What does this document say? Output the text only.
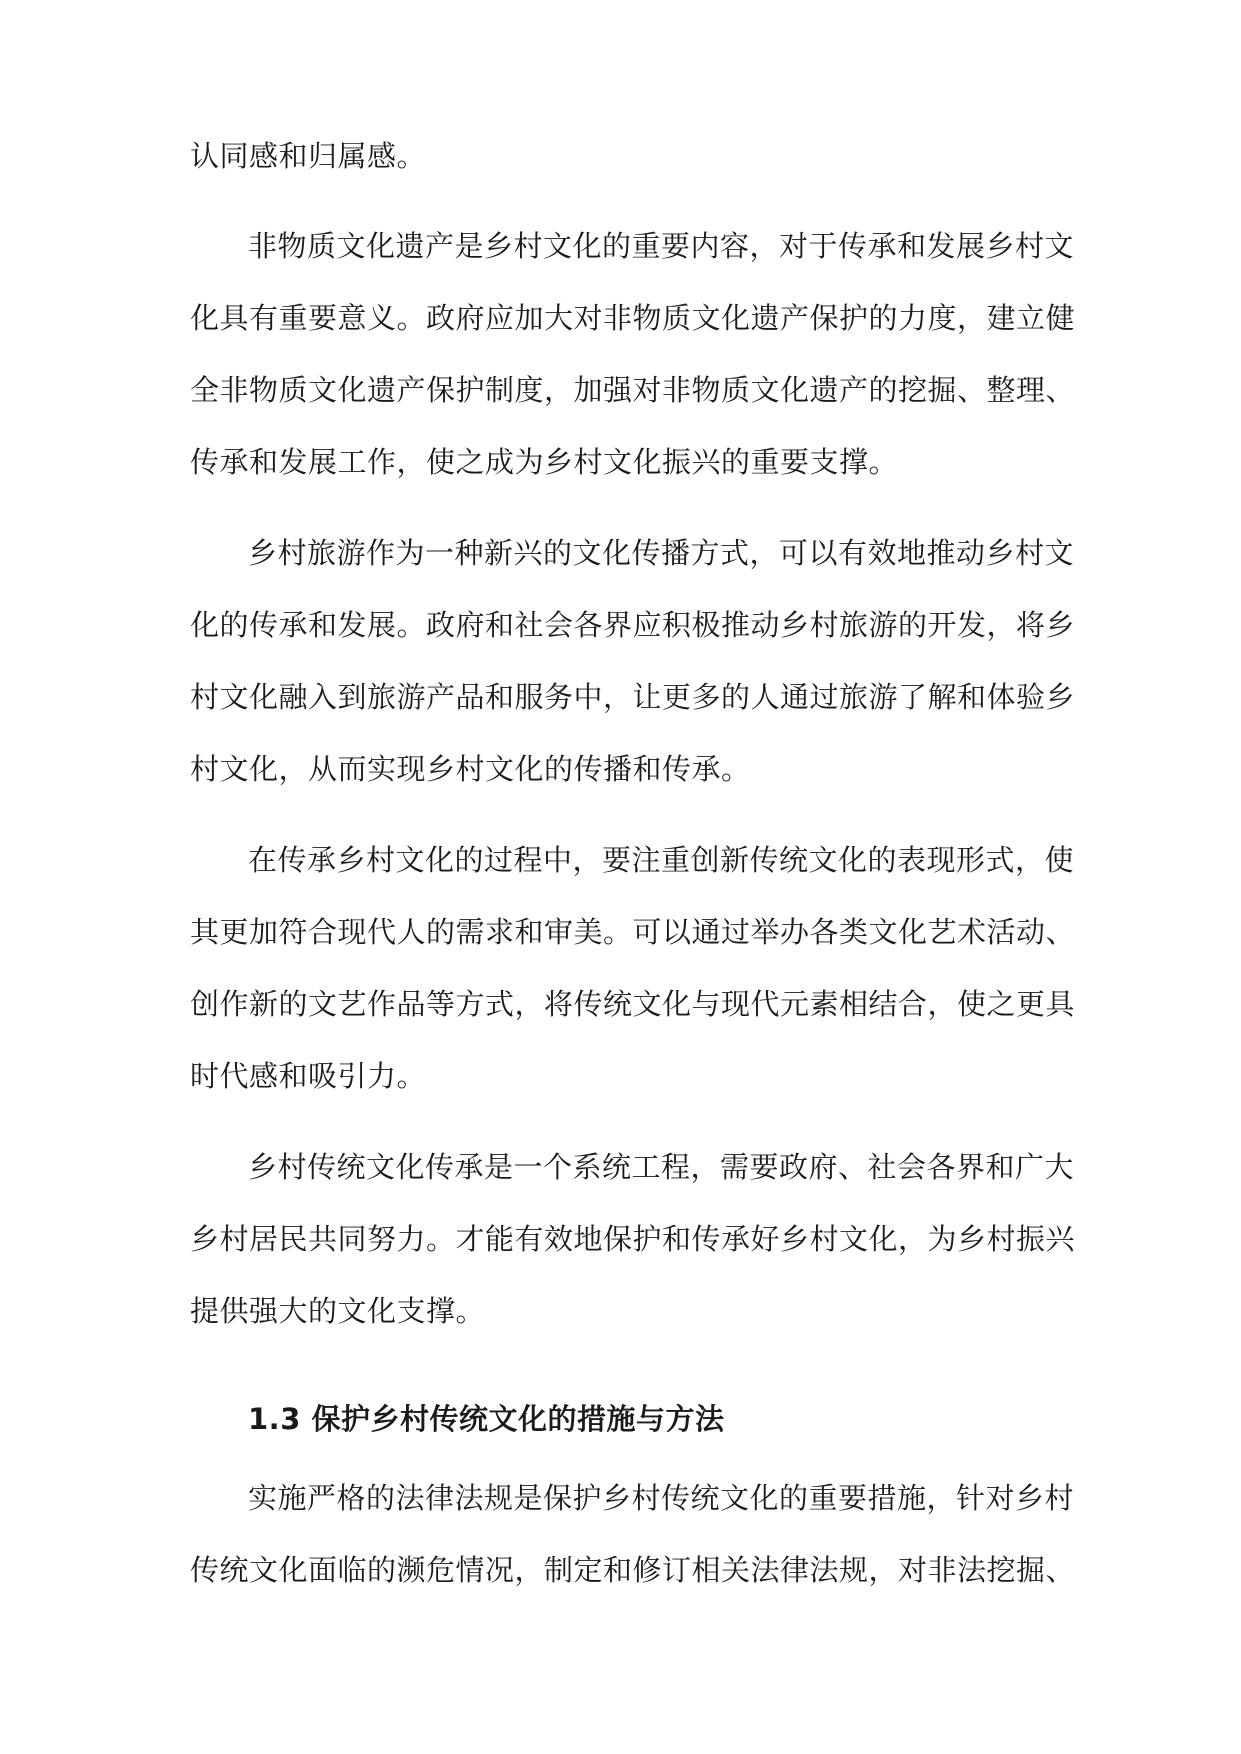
认同感和归属感。
非物质文化遗产是乡村文化的重要内容，对于传承和发展乡村文
化具有重要意义。政府应加大对非物质文化遗产保护的力度，建立健
全非物质文化遗产保护制度，加强对非物质文化遗产的挖掘、整理、
传承和发展工作，使之成为乡村文化振兴的重要支撑。
乡村旅游作为一种新兴的文化传播方式，可以有效地推动乡村文
化的传承和发展。政府和社会各界应积极推动乡村旅游的开发，将乡
村文化融入到旅游产品和服务中，让更多的人通过旅游了解和体验乡
村文化，从而实现乡村文化的传播和传承。
在传承乡村文化的过程中，要注重创新传统文化的表现形式，使
其更加符合现代人的需求和审美。可以通过举办各类文化艺术活动、
创作新的文艺作品等方式，将传统文化与现代元素相结合，使之更具
时代感和吸引力。
乡村传统文化传承是一个系统工程，需要政府、社会各界和广大
乡村居民共同努力。才能有效地保护和传承好乡村文化，为乡村振兴
提供强大的文化支撑。
1.3 保护乡村传统文化的措施与方法
实施严格的法律法规是保护乡村传统文化的重要措施，针对乡村
传统文化面临的濒危情况，制定和修订相关法律法规，对非法挖掘、
